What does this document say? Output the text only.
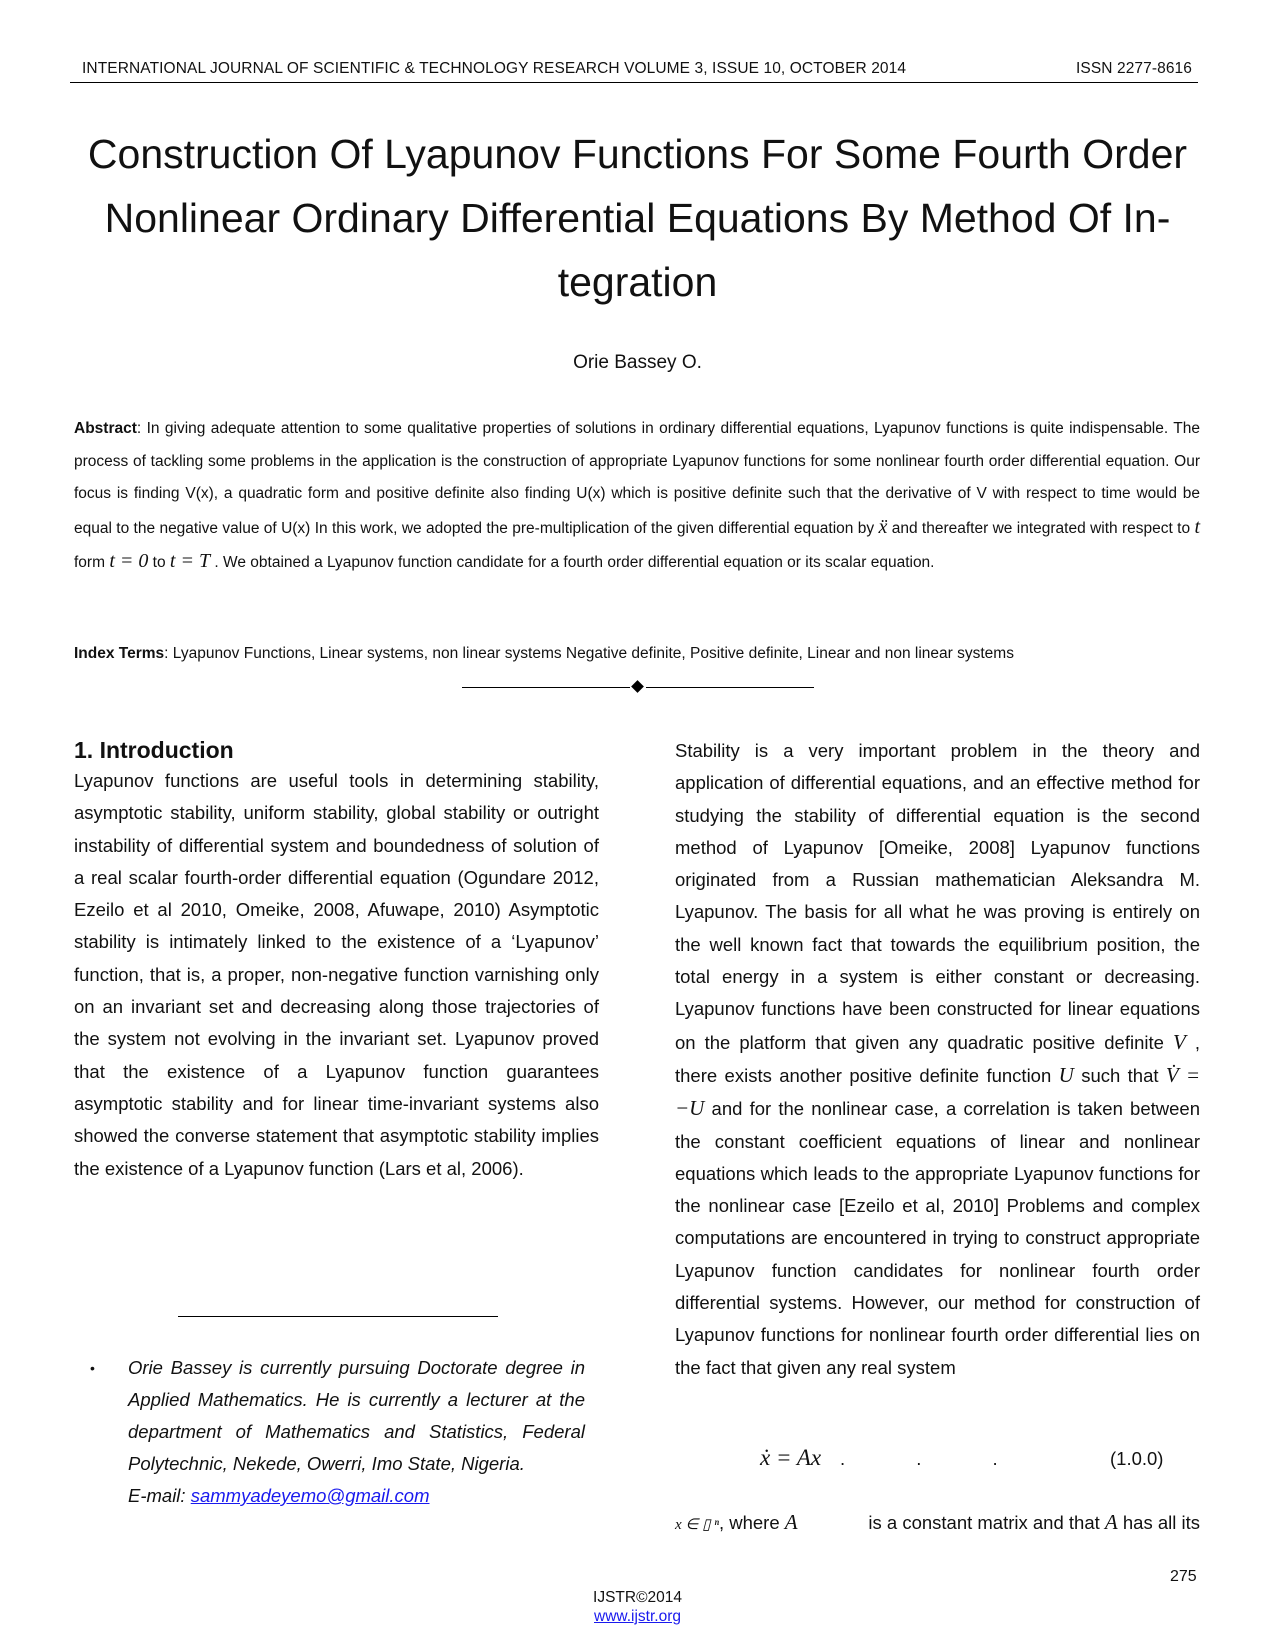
INTERNATIONAL JOURNAL OF SCIENTIFIC & TECHNOLOGY RESEARCH VOLUME 3, ISSUE 10, OCTOBER 2014	ISSN 2277-8616
Construction Of Lyapunov Functions For Some Fourth Order
Nonlinear Ordinary Differential Equations By Method Of In-
tegration
Orie Bassey O.

Abstract: In giving adequate attention to some qualitative properties of solutions in ordinary differential equations, Lyapunov functions is quite indispensable. The process of tackling some problems in the application is the construction of appropriate Lyapunov functions for some nonlinear fourth order differential equation. Our focus is finding V(x), a quadratic form and positive definite also finding U(x) which is positive definite such that the derivative of V with respect to time would be equal to the negative value of U(x) In this work, we adopted the pre-multiplication of the given differential equation by ẍ and thereafter we integrated with respect to t form t = 0 to t = T . We obtained a Lyapunov function candidate for a fourth order differential equation or its scalar equation.

Index Terms: Lyapunov Functions, Linear systems, non linear systems Negative definite, Positive definite, Linear and non linear systems

1. Introduction

Lyapunov functions are useful tools in determining stability, asymptotic stability, uniform stability, global stability or outright instability of differential system and boundedness of solution of a real scalar fourth-order differential equation (Ogundare 2012, Ezeilo et al 2010, Omeike, 2008, Afuwape, 2010) Asymptotic stability is intimately linked to the existence of a ‘Lyapunov’ function, that is, a proper, non-negative function varnishing only on an invariant set and decreasing along those trajectories of the system not evolving in the invariant set. Lyapunov proved that the existence of a Lyapunov function guarantees asymptotic stability and for linear time-invariant systems also showed the converse statement that asymptotic stability implies the existence of a Lyapunov function (Lars et al, 2006).

• Orie Bassey is currently pursuing Doctorate degree in Applied Mathematics. He is currently a lecturer at the department of Mathematics and Statistics, Federal Polytechnic, Nekede, Owerri, Imo State, Nigeria.
E-mail: sammyadeyemo@gmail.com

Stability is a very important problem in the theory and application of differential equations, and an effective method for studying the stability of differential equation is the second method of Lyapunov [Omeike, 2008] Lyapunov functions originated from a Russian mathematician Aleksandra M. Lyapunov. The basis for all what he was proving is entirely on the well known fact that towards the equilibrium position, the total energy in a system is either constant or decreasing. Lyapunov functions have been constructed for linear equations on the platform that given any quadratic positive definite V , there exists another positive definite function U such that V̇ = −U and for the nonlinear case, a correlation is taken between the constant coefficient equations of linear and nonlinear equations which leads to the appropriate Lyapunov functions for the nonlinear case [Ezeilo et al, 2010] Problems and complex computations are encountered in trying to construct appropriate Lyapunov function candidates for nonlinear fourth order differential systems. However, our method for construction of Lyapunov functions for nonlinear fourth order differential lies on the fact that given any real system

ẋ = Ax . . .	(1.0.0)
x ∈ ▯ ⁿ, where A	is a constant matrix and that A has all its
275
IJSTR©2014
www.ijstr.org
